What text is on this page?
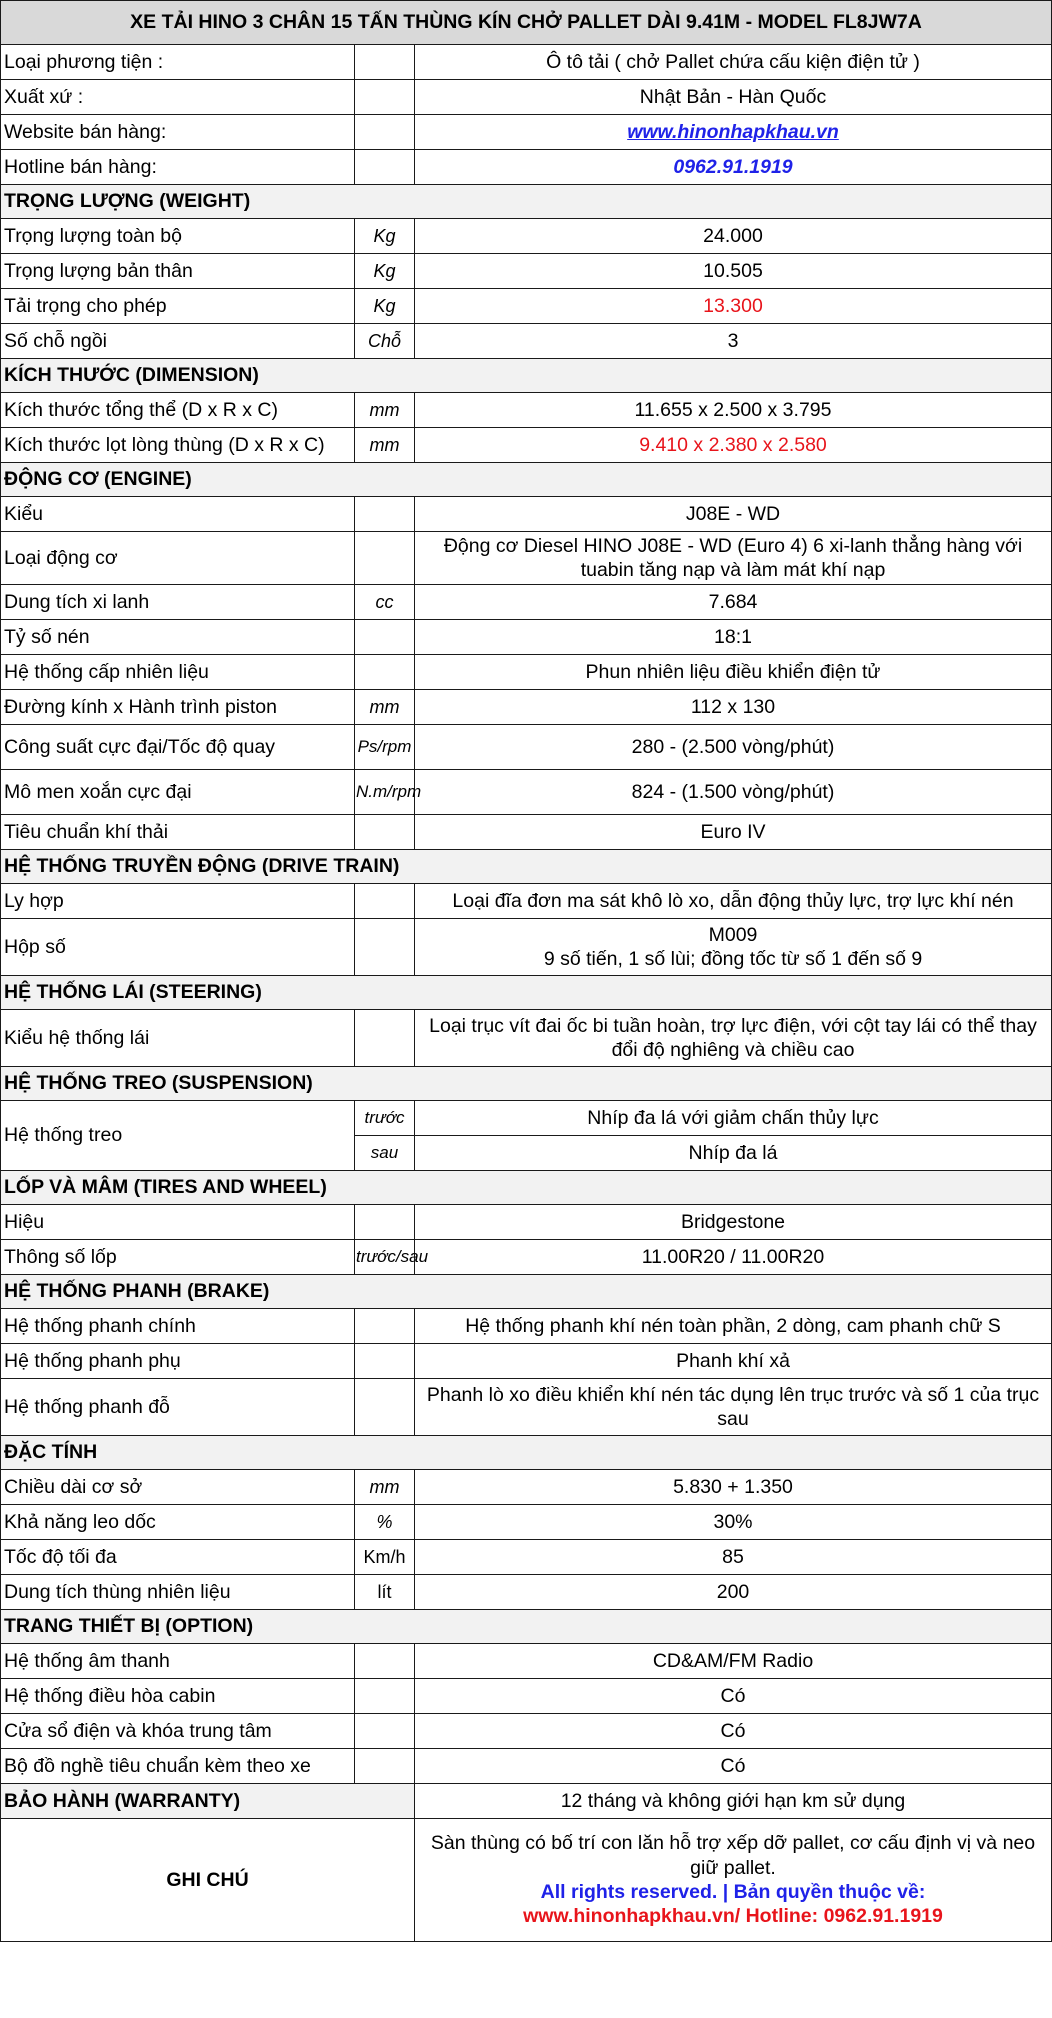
XE TẢI HINO 3 CHÂN 15 TẤN THÙNG KÍN CHỞ PALLET DÀI 9.41M - MODEL FL8JW7A		
Loại phương tiện :		Ô tô tải ( chở Pallet chứa cấu kiện điện tử )
Xuất xứ :		Nhật Bản - Hàn Quốc
Website bán hàng:		www.hinonhapkhau.vn
Hotline bán hàng:		0962.91.1919
TRỌNG LƯỢNG (WEIGHT)		
Trọng lượng toàn bộ	Kg	24.000
Trọng lượng bản thân	Kg	10.505
Tải trọng cho phép	Kg	13.300
Số chỗ ngồi	Chỗ	3
KÍCH THƯỚC (DIMENSION)		
Kích thước tổng thể (D x R x C)	mm	11.655 x 2.500 x 3.795
Kích thước lọt lòng thùng (D x R x C)	mm	9.410 x 2.380 x 2.580
ĐỘNG CƠ (ENGINE)		
Kiểu		J08E - WD
Loại động cơ		Động cơ Diesel HINO J08E - WD (Euro 4) 6 xi-lanh thẳng hàng với tuabin tăng nạp và làm mát khí nạp
Dung tích xi lanh	cc	7.684
Tỷ số nén		18:1
Hệ thống cấp nhiên liệu		Phun nhiên liệu điều khiển điện tử
Đường kính x Hành trình piston	mm	112 x 130
Công suất cực đại/Tốc độ quay	Ps/rpm	280 - (2.500 vòng/phút)
Mô men xoắn cực đại	N.m/rpm	824 - (1.500 vòng/phút)
Tiêu chuẩn khí thải		Euro IV
HỆ THỐNG TRUYỀN ĐỘNG (DRIVE TRAIN)		
Ly hợp		Loại đĩa đơn ma sát khô lò xo, dẫn động thủy lực, trợ lực khí nén
Hộp số		M009
9 số tiến, 1 số lùi; đồng tốc từ số 1 đến số 9

HỆ THỐNG LÁI (STEERING)		
Kiểu hệ thống lái		Loại trục vít đai ốc bi tuần hoàn, trợ lực điện, với cột tay lái có thể thay đổi độ nghiêng và chiều cao
HỆ THỐNG TREO (SUSPENSION)		
Hệ thống treo	trước	Nhíp đa lá với giảm chấn thủy lực
	sau	Nhíp đa lá
LỐP VÀ MÂM (TIRES AND WHEEL)		
Hiệu		Bridgestone
Thông số lốp	trước/sau	11.00R20 / 11.00R20
HỆ THỐNG PHANH (BRAKE)		
Hệ thống phanh chính		Hệ thống phanh khí nén toàn phần, 2 dòng, cam phanh chữ S
Hệ thống phanh phụ		Phanh khí xả
Hệ thống phanh đỗ		Phanh lò xo điều khiển khí nén tác dụng lên trục trước và số 1 của trục sau
ĐẶC TÍNH		
Chiều dài cơ sở	mm	5.830 + 1.350
Khả năng leo dốc	%	30%
Tốc độ tối đa	Km/h	85
Dung tích thùng nhiên liệu	lít	200
TRANG THIẾT BỊ (OPTION)		
Hệ thống âm thanh		CD&AM/FM Radio
Hệ thống điều hòa cabin		Có
Cửa sổ điện và khóa trung tâm		Có
Bộ đồ nghề tiêu chuẩn kèm theo xe		Có
BẢO HÀNH (WARRANTY)		12 tháng và không giới hạn km sử dụng
GHI CHÚ		Sàn thùng có bố trí con lăn hỗ trợ xếp dỡ pallet, cơ cấu định vị và neo giữ pallet.
All rights reserved. | Bản quyền thuộc về:
www.hinonhapkhau.vn/ Hotline: 0962.91.1919
